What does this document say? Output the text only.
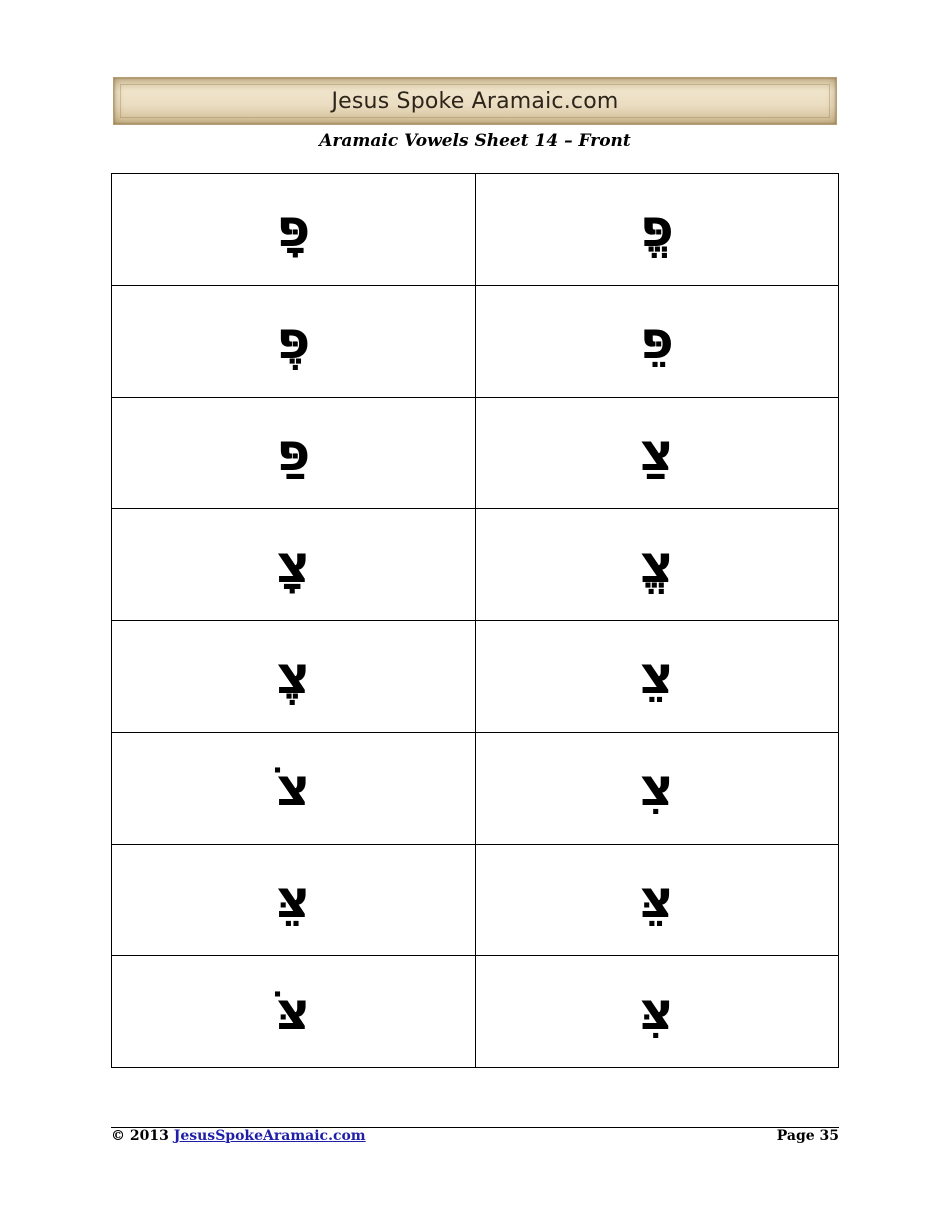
Jesus Spoke Aramaic.com
Aramaic Vowels Sheet 14 – Front
פָּ	פֱּ
פֶּ	פֵּ
פַּ	צַ
צָ	צֱ
צֶ	צֵ
צֹ	צִ
צֵּ	צֵּ
צֹּ	צִּ
© 2013 JesusSpokeAramaic.com	Page 35
